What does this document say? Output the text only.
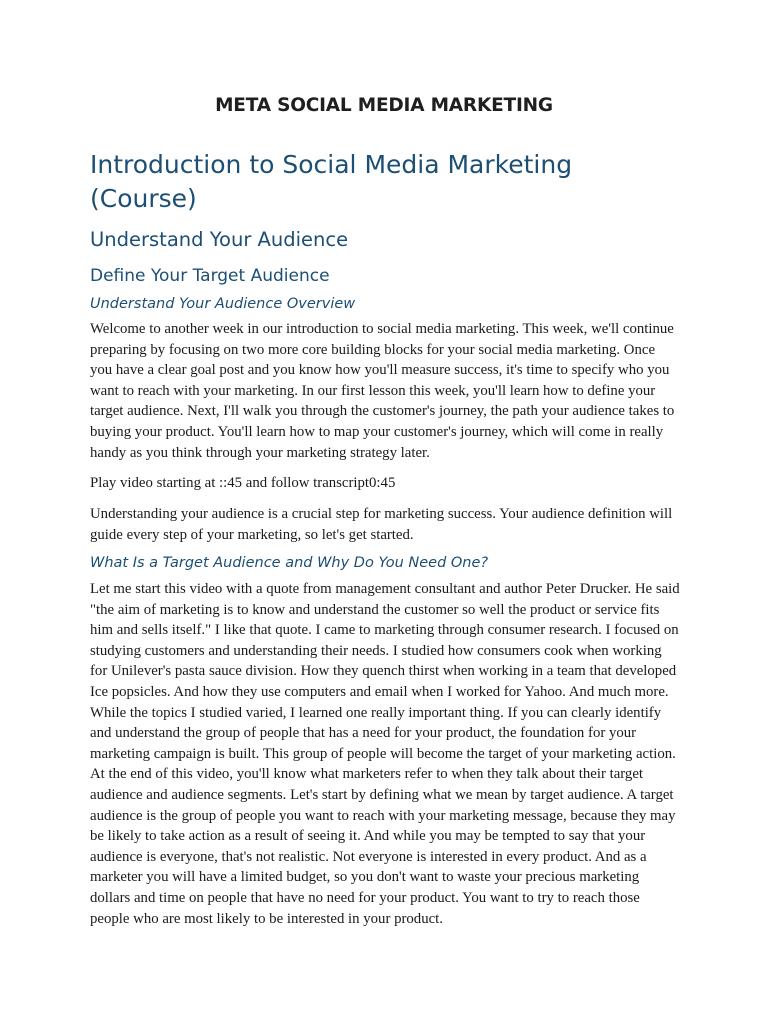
META SOCIAL MEDIA MARKETING
Introduction to Social Media Marketing (Course)
Understand Your Audience
Define Your Target Audience
Understand Your Audience Overview

Welcome to another week in our introduction to social media marketing. This week, we'll continue preparing by focusing on two more core building blocks for your social media marketing. Once you have a clear goal post and you know how you'll measure success, it's time to specify who you want to reach with your marketing. In our first lesson this week, you'll learn how to define your target audience. Next, I'll walk you through the customer's journey, the path your audience takes to buying your product. You'll learn how to map your customer's journey, which will come in really handy as you think through your marketing strategy later.

Play video starting at ::45 and follow transcript0:45

Understanding your audience is a crucial step for marketing success. Your audience definition will guide every step of your marketing, so let's get started.

What Is a Target Audience and Why Do You Need One?

Let me start this video with a quote from management consultant and author Peter Drucker. He said "the aim of marketing is to know and understand the customer so well the product or service fits him and sells itself." I like that quote. I came to marketing through consumer research. I focused on studying customers and understanding their needs. I studied how consumers cook when working for Unilever's pasta sauce division. How they quench thirst when working in a team that developed Ice popsicles. And how they use computers and email when I worked for Yahoo. And much more. While the topics I studied varied, I learned one really important thing. If you can clearly identify and understand the group of people that has a need for your product, the foundation for your marketing campaign is built. This group of people will become the target of your marketing action. At the end of this video, you'll know what marketers refer to when they talk about their target audience and audience segments. Let's start by defining what we mean by target audience. A target audience is the group of people you want to reach with your marketing message, because they may be likely to take action as a result of seeing it. And while you may be tempted to say that your audience is everyone, that's not realistic. Not everyone is interested in every product. And as a marketer you will have a limited budget, so you don't want to waste your precious marketing dollars and time on people that have no need for your product. You want to try to reach those people who are most likely to be interested in your product.
